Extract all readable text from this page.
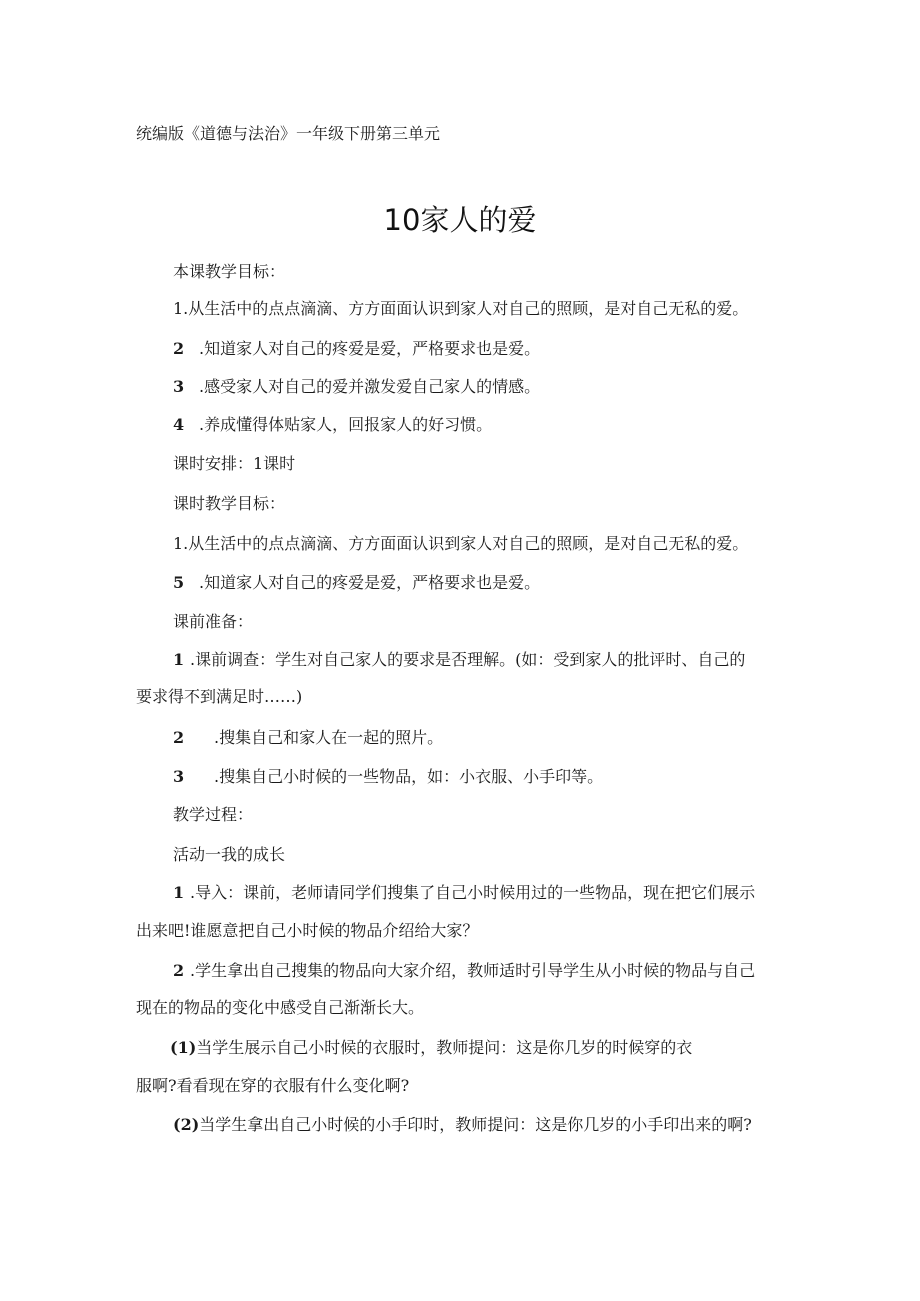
统编版《道德与法治》一年级下册第三单元
10家人的爱
本课教学目标：
1.从生活中的点点滴滴、方方面面认识到家人对自己的照顾，是对自己无私的爱。
2 .知道家人对自己的疼爱是爱，严格要求也是爱。
3 .感受家人对自己的爱并激发爱自己家人的情感。
4 .养成懂得体贴家人，回报家人的好习惯。
课时安排：1课时
课时教学目标：
1.从生活中的点点滴滴、方方面面认识到家人对自己的照顾，是对自己无私的爱。
5 .知道家人对自己的疼爱是爱，严格要求也是爱。
课前准备：
1 .课前调查：学生对自己家人的要求是否理解。(如：受到家人的批评时、自己的
要求得不到满足时……)
2 .搜集自己和家人在一起的照片。
3 .搜集自己小时候的一些物品，如：小衣服、小手印等。
教学过程：
活动一我的成长
1 .导入：课前，老师请同学们搜集了自己小时候用过的一些物品，现在把它们展示
出来吧!谁愿意把自己小时候的物品介绍给大家？
2 .学生拿出自己搜集的物品向大家介绍，教师适时引导学生从小时候的物品与自己
现在的物品的变化中感受自己渐渐长大。
(1)当学生展示自己小时候的衣服时，教师提问：这是你几岁的时候穿的衣
服啊?看看现在穿的衣服有什么变化啊?
(2)当学生拿出自己小时候的小手印时，教师提问：这是你几岁的小手印出来的啊?
